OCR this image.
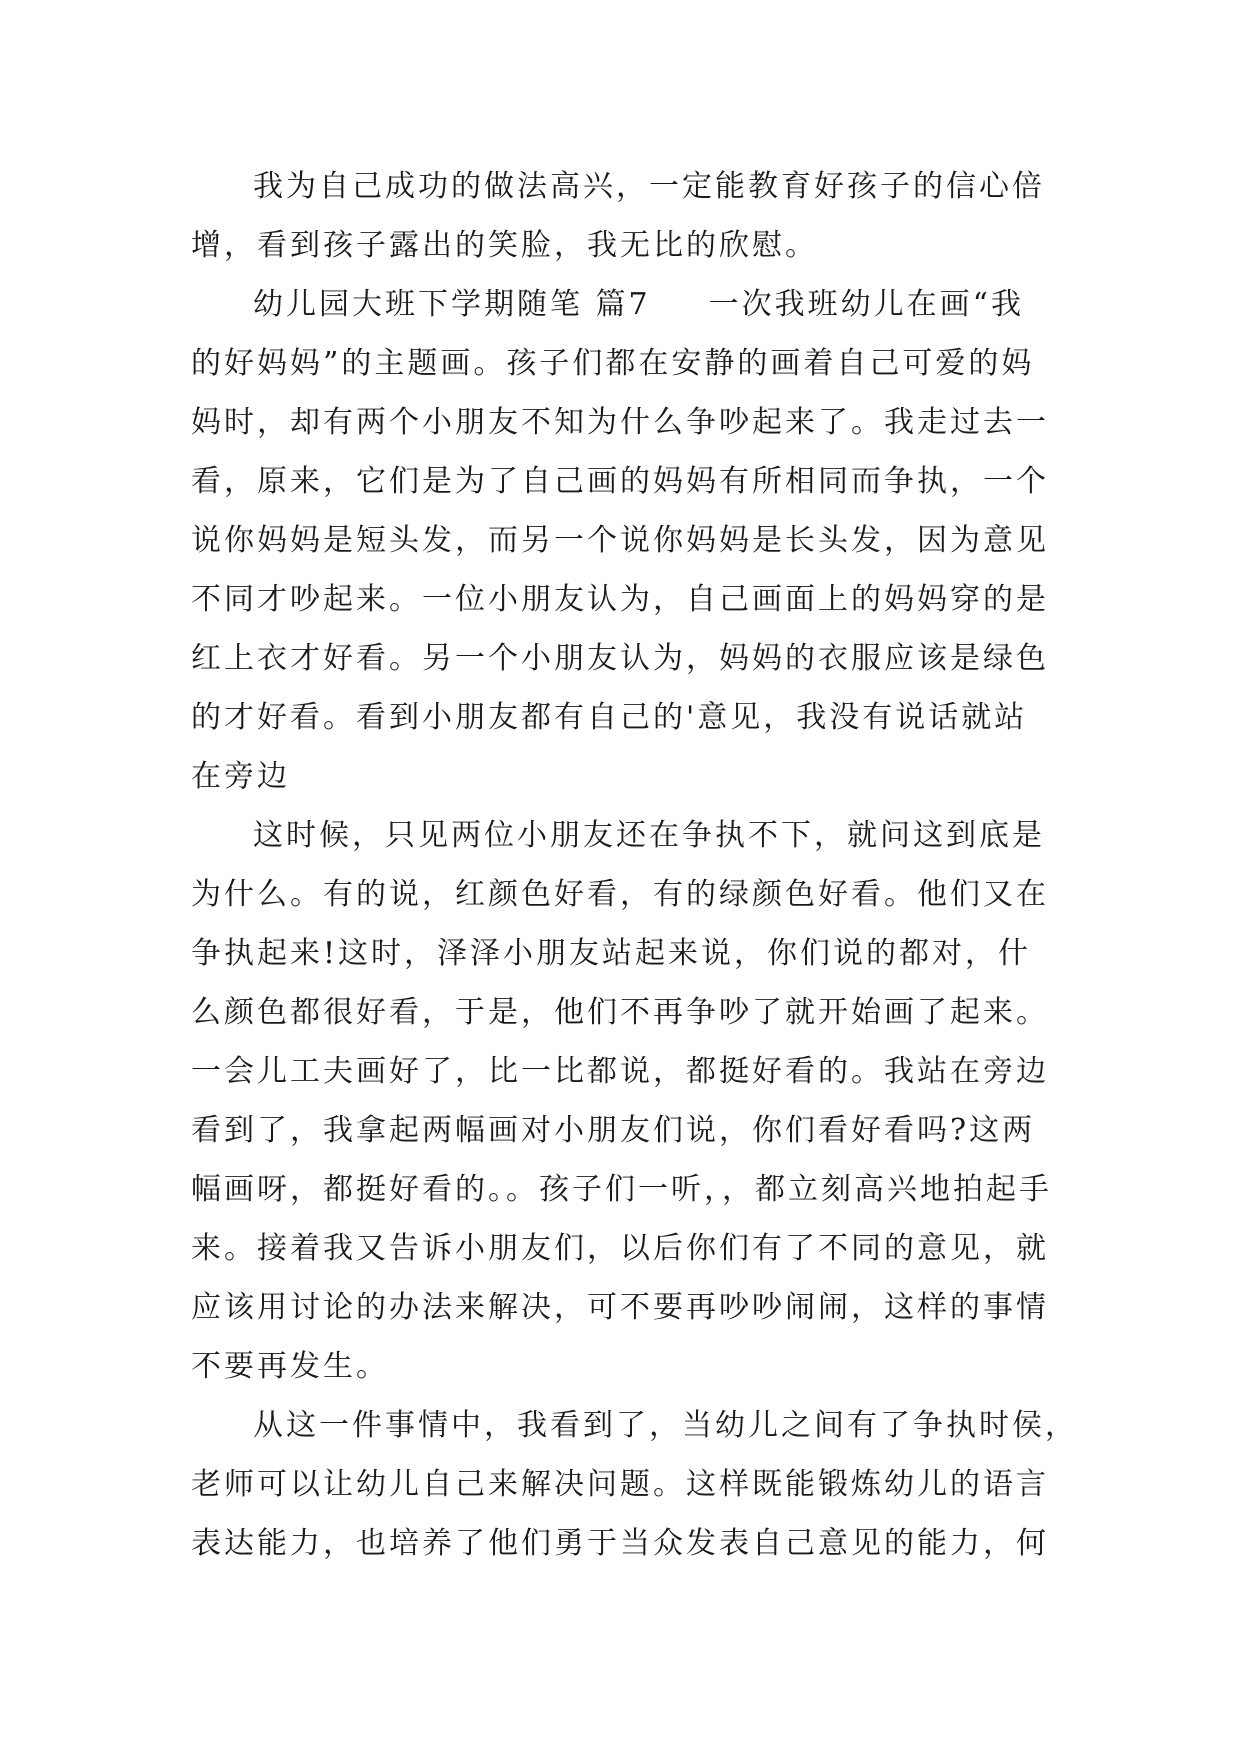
我为自己成功的做法高兴，一定能教育好孩子的信心倍
增，看到孩子露出的笑脸，我无比的欣慰。
幼儿园大班下学期随笔 篇7 一次我班幼儿在画“我
的好妈妈”的主题画。孩子们都在安静的画着自己可爱的妈
妈时，却有两个小朋友不知为什么争吵起来了。我走过去一
看，原来，它们是为了自己画的妈妈有所相同而争执，一个
说你妈妈是短头发，而另一个说你妈妈是长头发，因为意见
不同才吵起来。一位小朋友认为，自己画面上的妈妈穿的是
红上衣才好看。另一个小朋友认为，妈妈的衣服应该是绿色
的才好看。看到小朋友都有自己的'意见，我没有说话就站
在旁边
这时候，只见两位小朋友还在争执不下，就问这到底是
为什么。有的说，红颜色好看，有的绿颜色好看。他们又在
争执起来!这时，泽泽小朋友站起来说，你们说的都对，什
么颜色都很好看，于是，他们不再争吵了就开始画了起来。
一会儿工夫画好了，比一比都说，都挺好看的。我站在旁边
看到了，我拿起两幅画对小朋友们说，你们看好看吗?这两
幅画呀，都挺好看的。。孩子们一听，，都立刻高兴地拍起手
来。接着我又告诉小朋友们，以后你们有了不同的意见，就
应该用讨论的办法来解决，可不要再吵吵闹闹，这样的事情
不要再发生。
从这一件事情中，我看到了，当幼儿之间有了争执时侯，
老师可以让幼儿自己来解决问题。这样既能锻炼幼儿的语言
表达能力，也培养了他们勇于当众发表自己意见的能力，何
